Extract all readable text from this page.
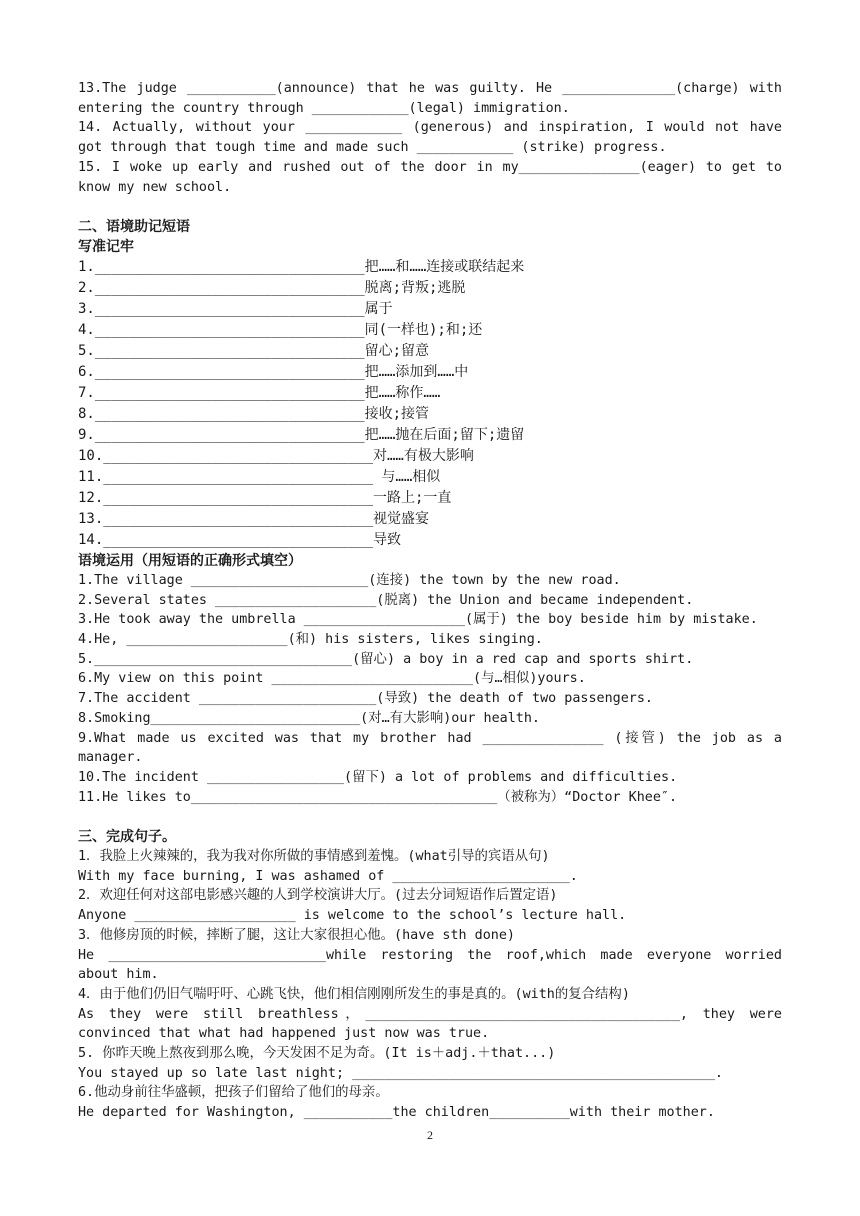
13.The judge ___________(announce) that he was guilty. He ______________(charge) with entering the country through ____________(legal) immigration.

14. Actually, without your ____________ (generous) and inspiration, I would not have got through that tough time and made such ____________ (strike) progress.

15. I woke up early and rushed out of the door in my_______________(eager) to get to know my new school.

二、语境助记短语

写准记牢

1.________________________________把……和……连接或联结起来

2.________________________________脱离;背叛;逃脱

3.________________________________属于

4.________________________________同(一样也);和;还

5.________________________________留心;留意

6.________________________________把……添加到……中

7.________________________________把……称作……

8.________________________________接收;接管

9.________________________________把……抛在后面;留下;遗留

10.________________________________对……有极大影响

11.________________________________ 与……相似

12.________________________________一路上;一直

13.________________________________视觉盛宴

14.________________________________导致

语境运用（用短语的正确形式填空）

1.The village ______________________(连接) the town by the new road.

2.Several states ____________________(脱离) the Union and became independent.

3.He took away the umbrella ____________________(属于) the boy beside him by mistake.

4.He, ____________________(和) his sisters, likes singing.

5.________________________________(留心) a boy in a red cap and sports shirt.

6.My view on this point _________________________(与…相似)yours.

7.The accident ______________________(导致) the death of two passengers.

8.Smoking__________________________(对…有大影响)our health.

9.What made us excited was that my brother had _______________ (接管) the job as a manager.

10.The incident _________________(留下) a lot of problems and difficulties.

11.He likes to______________________________________（被称为）“Doctor Khee″.

三、完成句子。

1．我脸上火辣辣的，我为我对你所做的事情感到羞愧。(what引导的宾语从句)

With my face burning, I was ashamed of ______________________.

2．欢迎任何对这部电影感兴趣的人到学校演讲大厅。(过去分词短语作后置定语)

Anyone ____________________ is welcome to the school’s lecture hall.

3．他修房顶的时候，摔断了腿，这让大家很担心他。(have sth done)

He ___________________________while restoring the roof,which made everyone worried about him.

4．由于他们仍旧气喘吁吁、心跳飞快，他们相信刚刚所发生的事是真的。(with的复合结构)

As they were still breathless，_______________________________________, they were convinced that what had happened just now was true.

5. 你昨天晚上熬夜到那么晚，今天发困不足为奇。(It is＋adj.＋that...)

You stayed up so late last night; _____________________________________________.

6.他动身前往华盛顿，把孩子们留给了他们的母亲。

He departed for Washington, ___________the children__________with their mother.

2
